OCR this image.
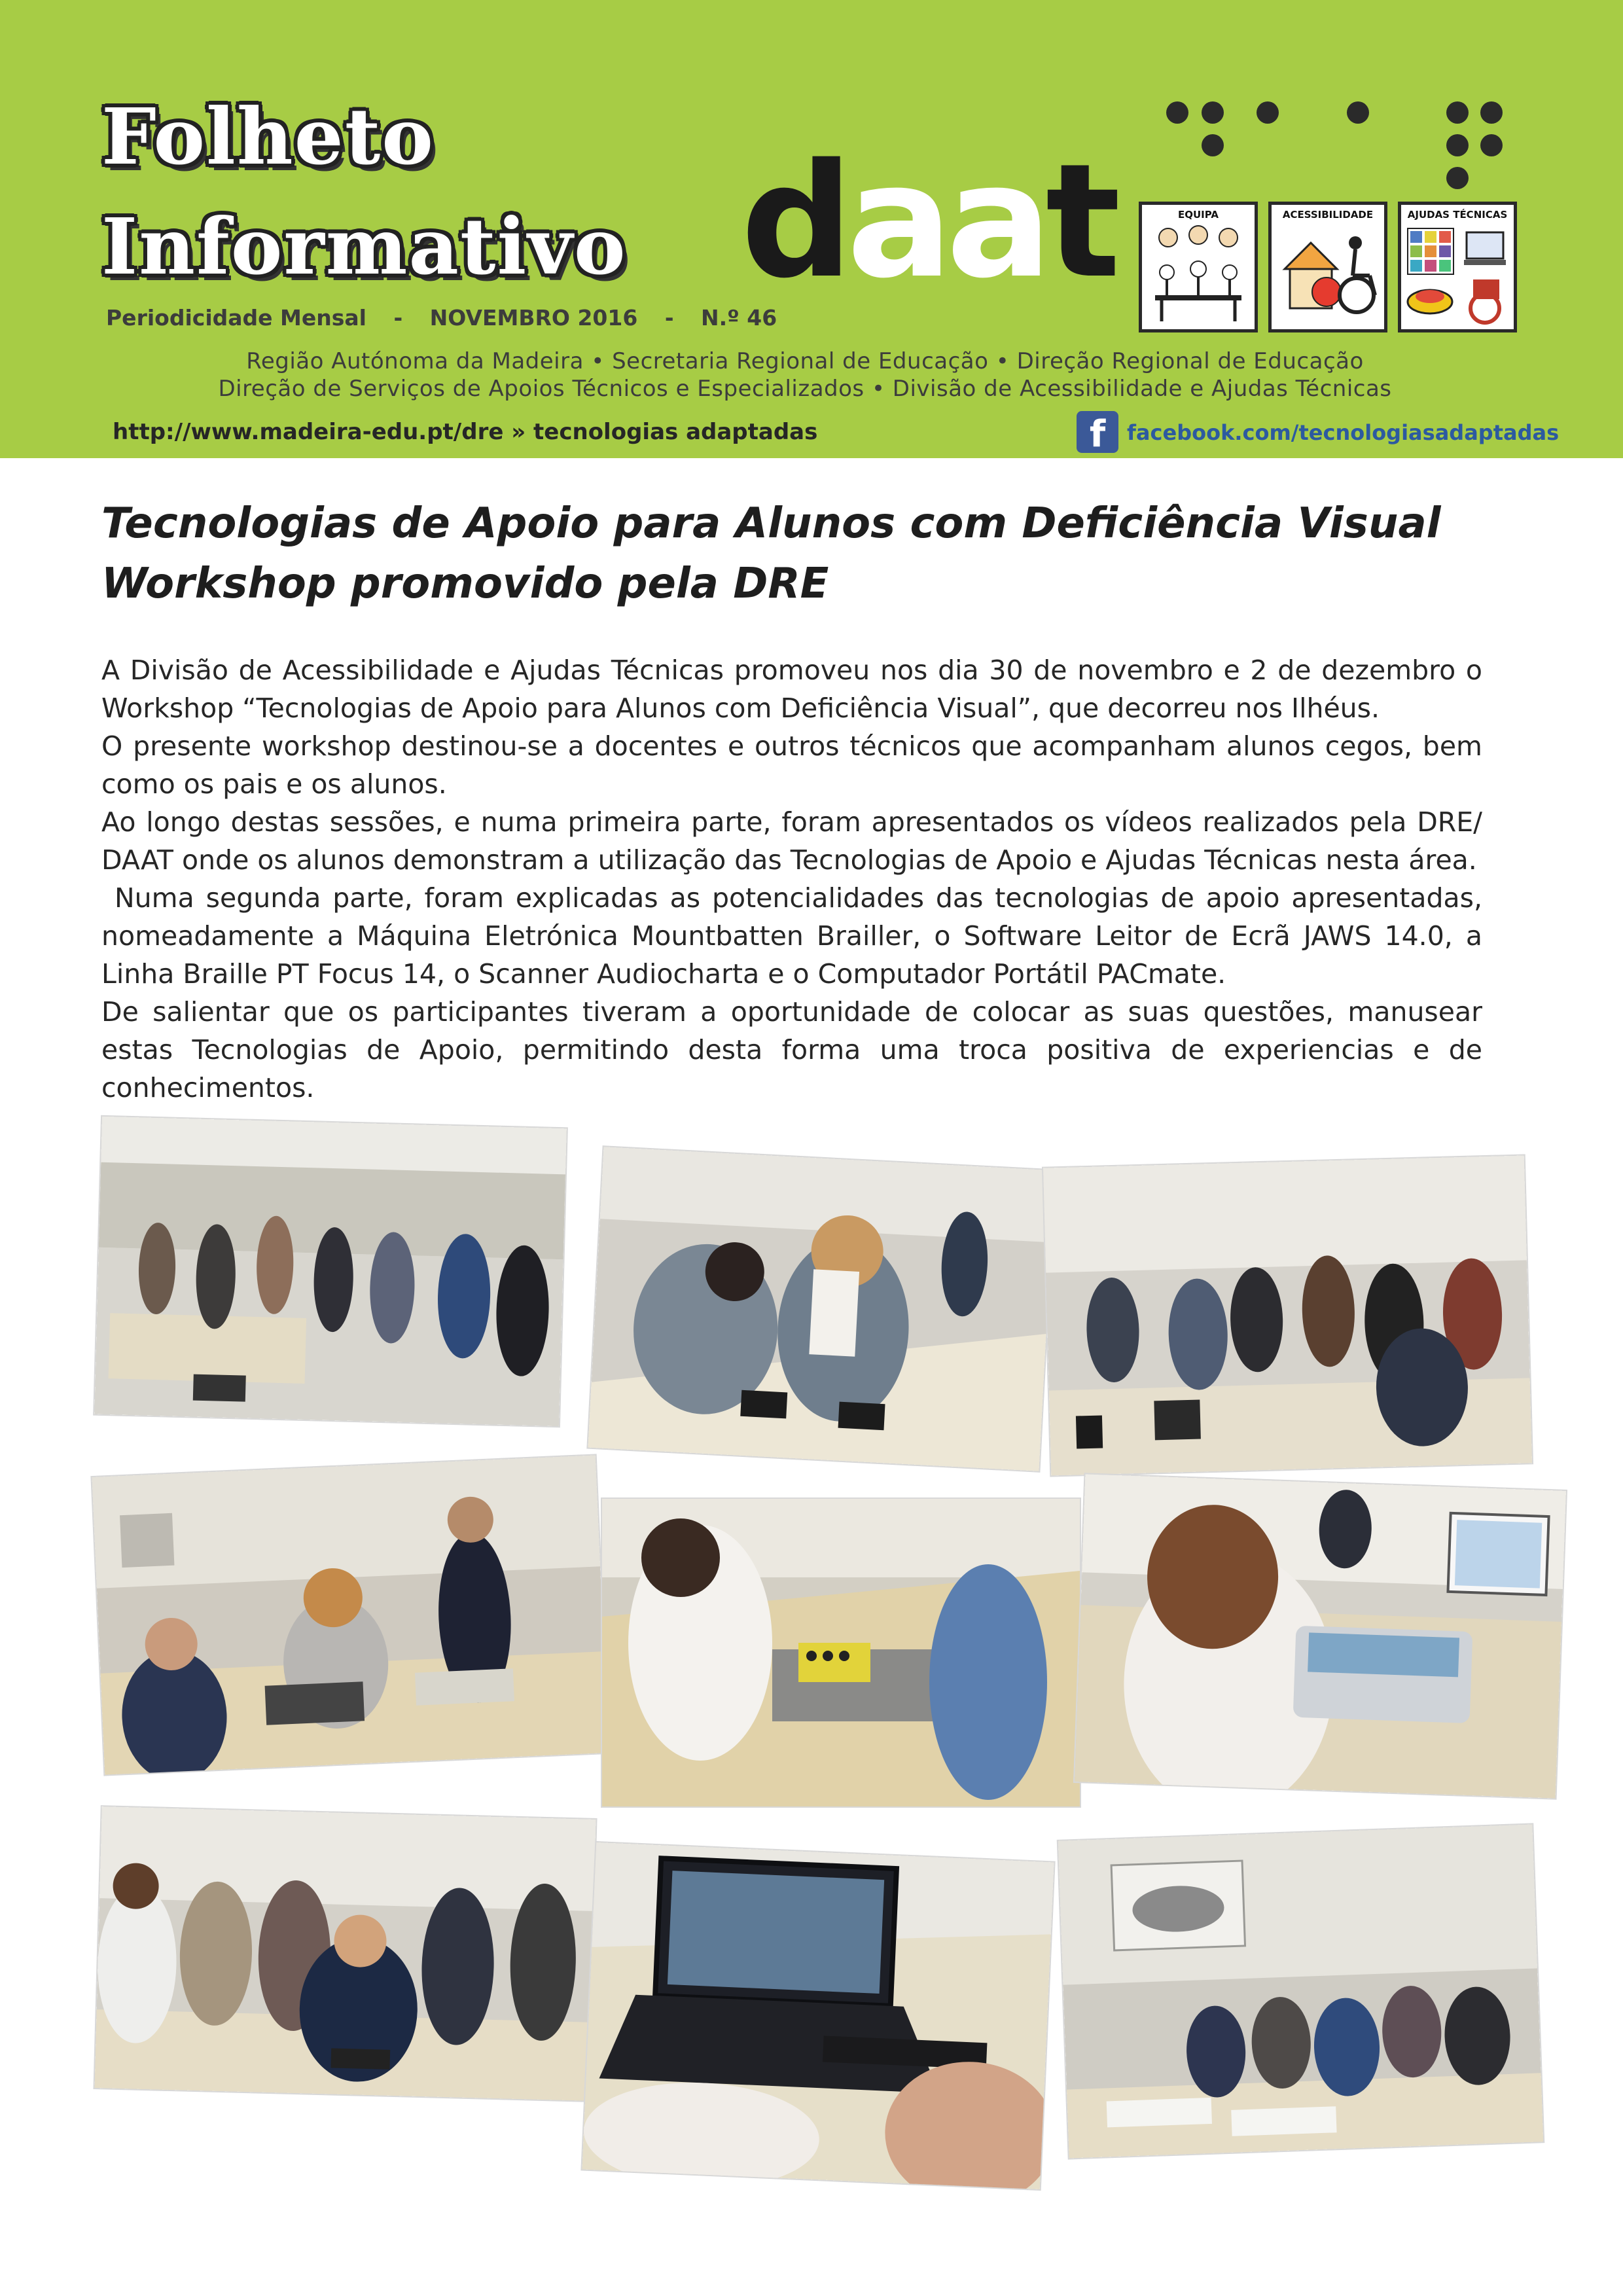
Folheto
Informativo daat	EQUIPA	ACESSIBILIDADE	AJUDAS TÉCNICAS
Periodicidade Mensal - NOVEMBRO 2016 - N.º 46
Região Autónoma da Madeira • Secretaria Regional de Educação • Direção Regional de Educação
Direção de Serviços de Apoios Técnicos e Especializados • Divisão de Acessibilidade e Ajudas Técnicas
http://www.madeira-edu.pt/dre » tecnologias adaptadas	f	facebook.com/tecnologiasadaptadas
Tecnologias de Apoio para Alunos com Deficiência Visual
Workshop promovido pela DRE

A Divisão de Acessibilidade e Ajudas Técnicas promoveu nos dia 30 de novembro e 2 de dezembro o Workshop “Tecnologias de Apoio para Alunos com Deficiência Visual”, que decorreu nos Ilhéus.

O presente workshop destinou-se a docentes e outros técnicos que acompanham alunos cegos, bem como os pais e os alunos.

Ao longo destas sessões, e numa primeira parte, foram apresentados os vídeos realizados pela DRE/ DAAT onde os alunos demonstram a utilização das Tecnologias de Apoio e Ajudas Técnicas nesta área.

Numa segunda parte, foram explicadas as potencialidades das tecnologias de apoio apresentadas, nomeadamente a Máquina Eletrónica Mountbatten Brailler, o Software Leitor de Ecrã JAWS 14.0, a Linha Braille PT Focus 14, o Scanner Audiocharta e o Computador Portátil PACmate.

De salientar que os participantes tiveram a oportunidade de colocar as suas questões, manusear estas Tecnologias de Apoio, permitindo desta forma uma troca positiva de experiencias e de conhecimentos.
